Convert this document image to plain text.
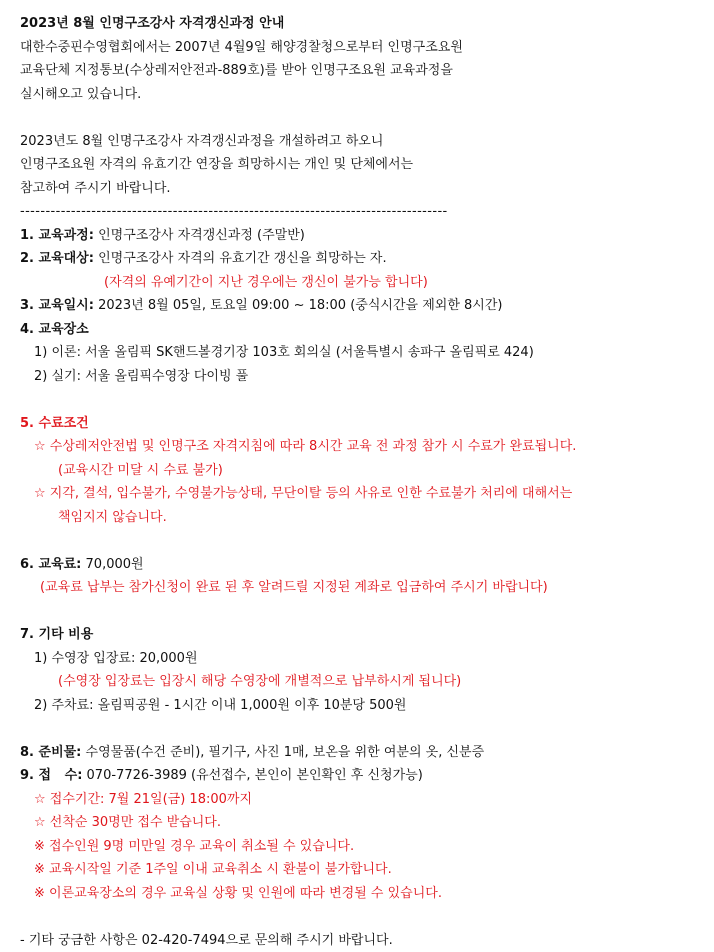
2023년 8월 인명구조강사 자격갱신과정 안내
대한수중핀수영협회에서는 2007년 4월9일 해양경찰청으로부터 인명구조요원
교육단체 지정통보(수상레저안전과-889호)를 받아 인명구조요원 교육과정을
실시해오고 있습니다.
2023년도 8월 인명구조강사 자격갱신과정을 개설하려고 하오니
인명구조요원 자격의 유효기간 연장을 희망하시는 개인 및 단체에서는
참고하여 주시기 바랍니다.
------------------------------------------------------------------------------------
1. 교육과정: 인명구조강사 자격갱신과정 (주말반)
2. 교육대상: 인명구조강사 자격의 유효기간 갱신을 희망하는 자.
(자격의 유예기간이 지난 경우에는 갱신이 불가능 합니다)
3. 교육일시: 2023년 8월 05일, 토요일 09:00 ~ 18:00 (중식시간을 제외한 8시간)
4. 교육장소
1) 이론: 서울 올림픽 SK핸드볼경기장 103호 회의실 (서울특별시 송파구 올림픽로 424)
2) 실기: 서울 올림픽수영장 다이빙 풀
5. 수료조건
☆ 수상레저안전법 및 인명구조 자격지침에 따라 8시간 교육 전 과정 참가 시 수료가 완료됩니다.
(교육시간 미달 시 수료 불가)
☆ 지각, 결석, 입수불가, 수영불가능상태, 무단이탈 등의 사유로 인한 수료불가 처리에 대해서는
책임지지 않습니다.
6. 교육료: 70,000원
(교육료 납부는 참가신청이 완료 된 후 알려드릴 지정된 계좌로 입금하여 주시기 바랍니다)
7. 기타 비용
1) 수영장 입장료: 20,000원
(수영장 입장료는 입장시 해당 수영장에 개별적으로 납부하시게 됩니다)
2) 주차료: 올림픽공원 - 1시간 이내 1,000원 이후 10분당 500원
8. 준비물: 수영물품(수건 준비), 필기구, 사진 1매, 보온을 위한 여분의 옷, 신분증
9. 접   수: 070-7726-3989 (유선접수, 본인이 본인확인 후 신청가능)
☆ 접수기간: 7월 21일(금) 18:00까지
☆ 선착순 30명만 접수 받습니다.
※ 접수인원 9명 미만일 경우 교육이 취소될 수 있습니다.
※ 교육시작일 기준 1주일 이내 교육취소 시 환불이 불가합니다.
※ 이론교육장소의 경우 교육실 상황 및 인원에 따라 변경될 수 있습니다.
- 기타 궁금한 사항은 02-420-7494으로 문의해 주시기 바랍니다.
